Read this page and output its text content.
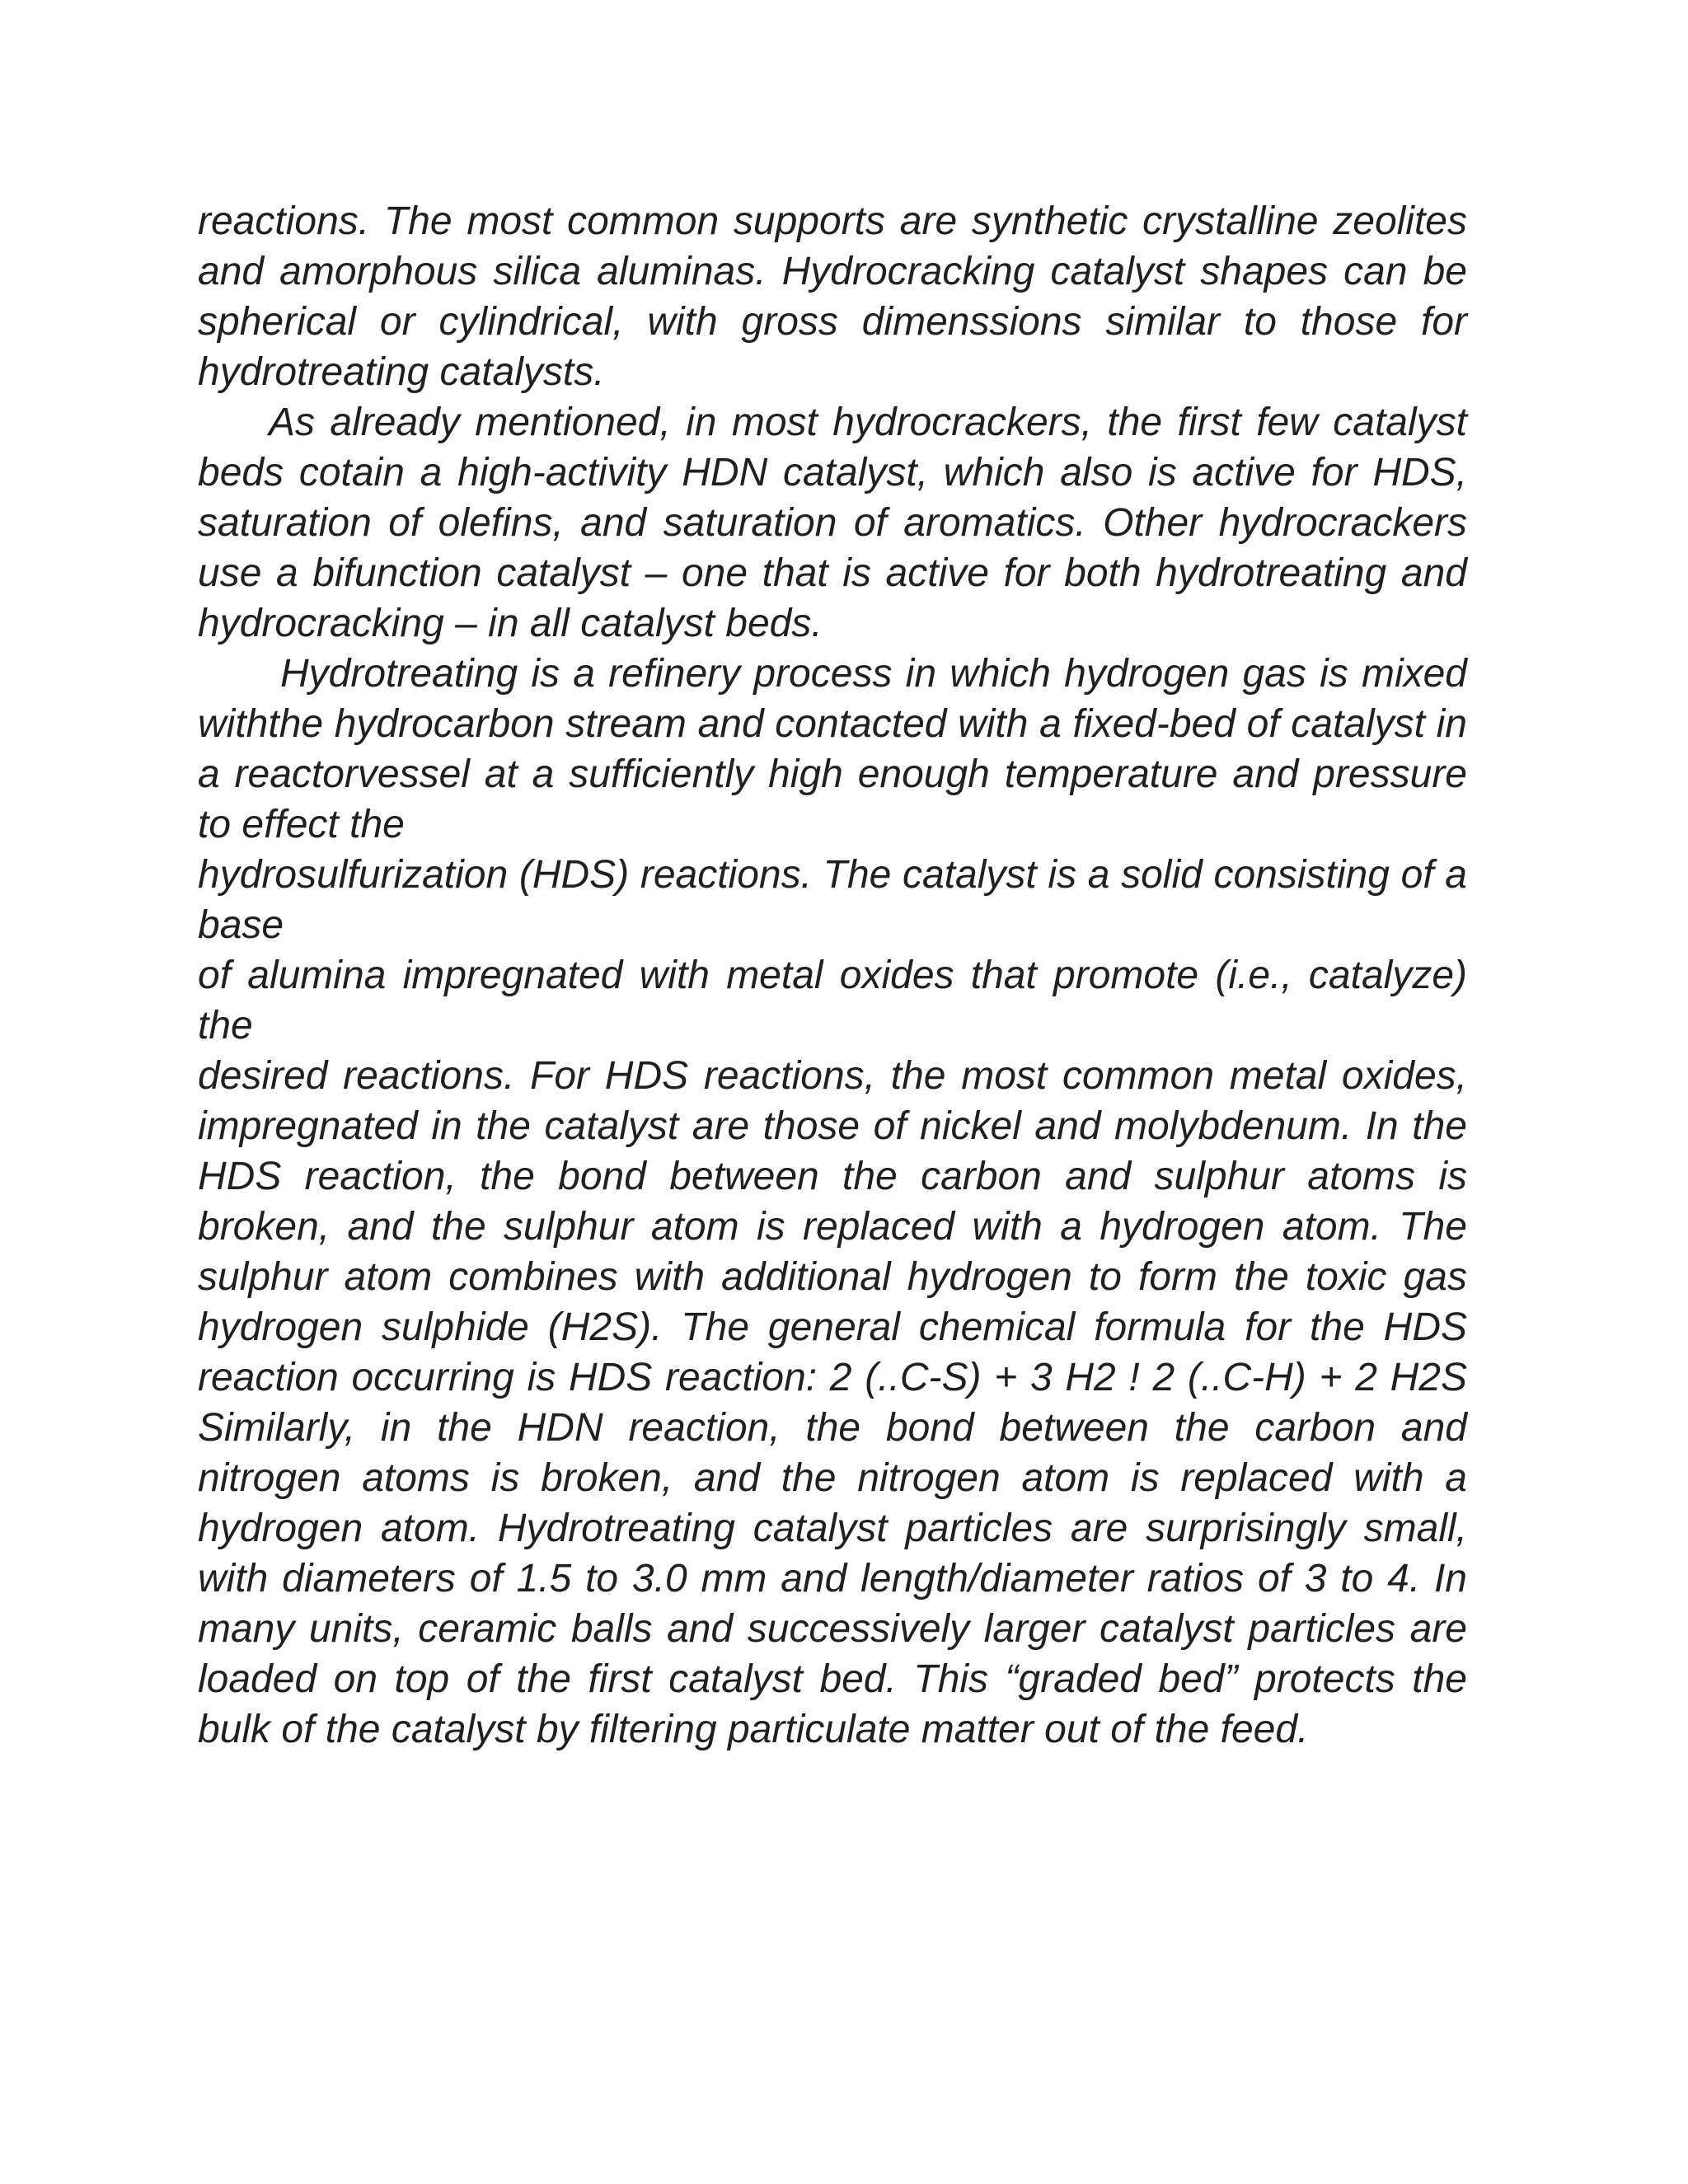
reactions. The most common supports are synthetic crystalline zeolites and amorphous silica aluminas. Hydrocracking catalyst shapes can be spherical or cylindrical, with gross dimenssions similar to those for hydrotreating catalysts.

As already mentioned, in most hydrocrackers, the first few catalyst beds cotain a high-activity HDN catalyst, which also is active for HDS, saturation of olefins, and saturation of aromatics. Other hydrocrackers use a bifunction catalyst – one that is active for both hydrotreating and hydrocracking – in all catalyst beds.

Hydrotreating is a refinery process in which hydrogen gas is mixed withthe hydrocarbon stream and contacted with a fixed-bed of catalyst in a reactorvessel at a sufficiently high enough temperature and pressure to effect the

hydrosulfurization (HDS) reactions. The catalyst is a solid consisting of a base

of alumina impregnated with metal oxides that promote (i.e., catalyze) the

desired reactions. For HDS reactions, the most common metal oxides, impregnated in the catalyst are those of nickel and molybdenum. In the HDS reaction, the bond between the carbon and sulphur atoms is broken, and the sulphur atom is replaced with a hydrogen atom. The sulphur atom combines with additional hydrogen to form the toxic gas hydrogen sulphide (H2S). The general chemical formula for the HDS reaction occurring is HDS reaction: 2 (..C-S) + 3 H2 ! 2 (..C-H) + 2 H2S Similarly, in the HDN reaction, the bond between the carbon and nitrogen atoms is broken, and the nitrogen atom is replaced with a hydrogen atom. Hydrotreating catalyst particles are surprisingly small, with diameters of 1.5 to 3.0 mm and length/diameter ratios of 3 to 4. In many units, ceramic balls and successively larger catalyst particles are loaded on top of the first catalyst bed. This “graded bed” protects the bulk of the catalyst by filtering particulate matter out of the feed.
